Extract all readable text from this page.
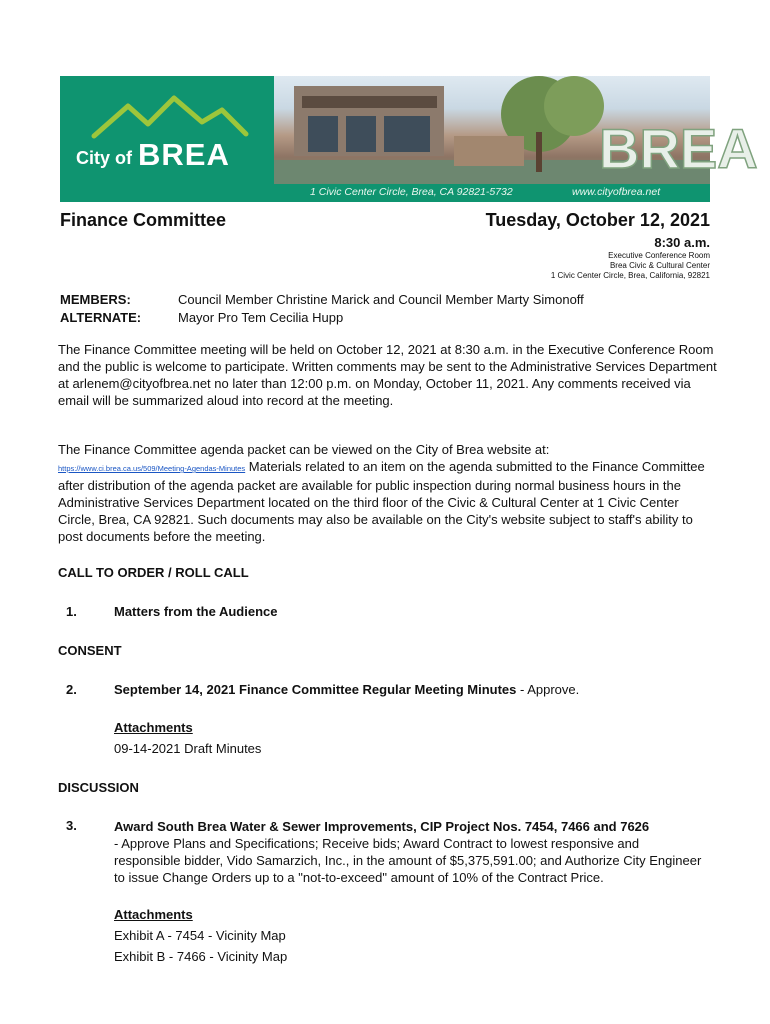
City of BREA	BREA
1 Civic Center Circle, Brea, CA 92821-5732	www.cityofbrea.net
Finance Committee	Tuesday, October 12, 2021
8:30 a.m.
Executive Conference Room
Brea Civic & Cultural Center
1 Civic Center Circle, Brea, California, 92821
MEMBERS:	Council Member Christine Marick and Council Member Marty Simonoff
ALTERNATE:	Mayor Pro Tem Cecilia Hupp
The Finance Committee meeting will be held on October 12, 2021 at 8:30 a.m. in the Executive Conference Room and the public is welcome to participate. Written comments may be sent to the Administrative Services Department at arlenem@cityofbrea.net no later than 12:00 p.m. on Monday, October 11, 2021. Any comments received via email will be summarized aloud into record at the meeting.
The Finance Committee agenda packet can be viewed on the City of Brea website at:
https://www.ci.brea.ca.us/509/Meeting-Agendas-Minutes Materials related to an item on the agenda submitted to the Finance Committee after distribution of the agenda packet are available for public inspection during normal business hours in the Administrative Services Department located on the third floor of the Civic & Cultural Center at 1 Civic Center Circle, Brea, CA 92821. Such documents may also be available on the City's website subject to staff's ability to post documents before the meeting.
CALL TO ORDER / ROLL CALL
1.	Matters from the Audience
CONSENT
2.	September 14, 2021 Finance Committee Regular Meeting Minutes - Approve.
Attachments
09-14-2021 Draft Minutes
DISCUSSION
3.	Award South Brea Water & Sewer Improvements, CIP Project Nos. 7454, 7466 and 7626
- Approve Plans and Specifications; Receive bids; Award Contract to lowest responsive and responsible bidder, Vido Samarzich, Inc., in the amount of $5,375,591.00; and Authorize City Engineer to issue Change Orders up to a "not-to-exceed" amount of 10% of the Contract Price.
Attachments
Exhibit A - 7454 - Vicinity Map
Exhibit B - 7466 - Vicinity Map
